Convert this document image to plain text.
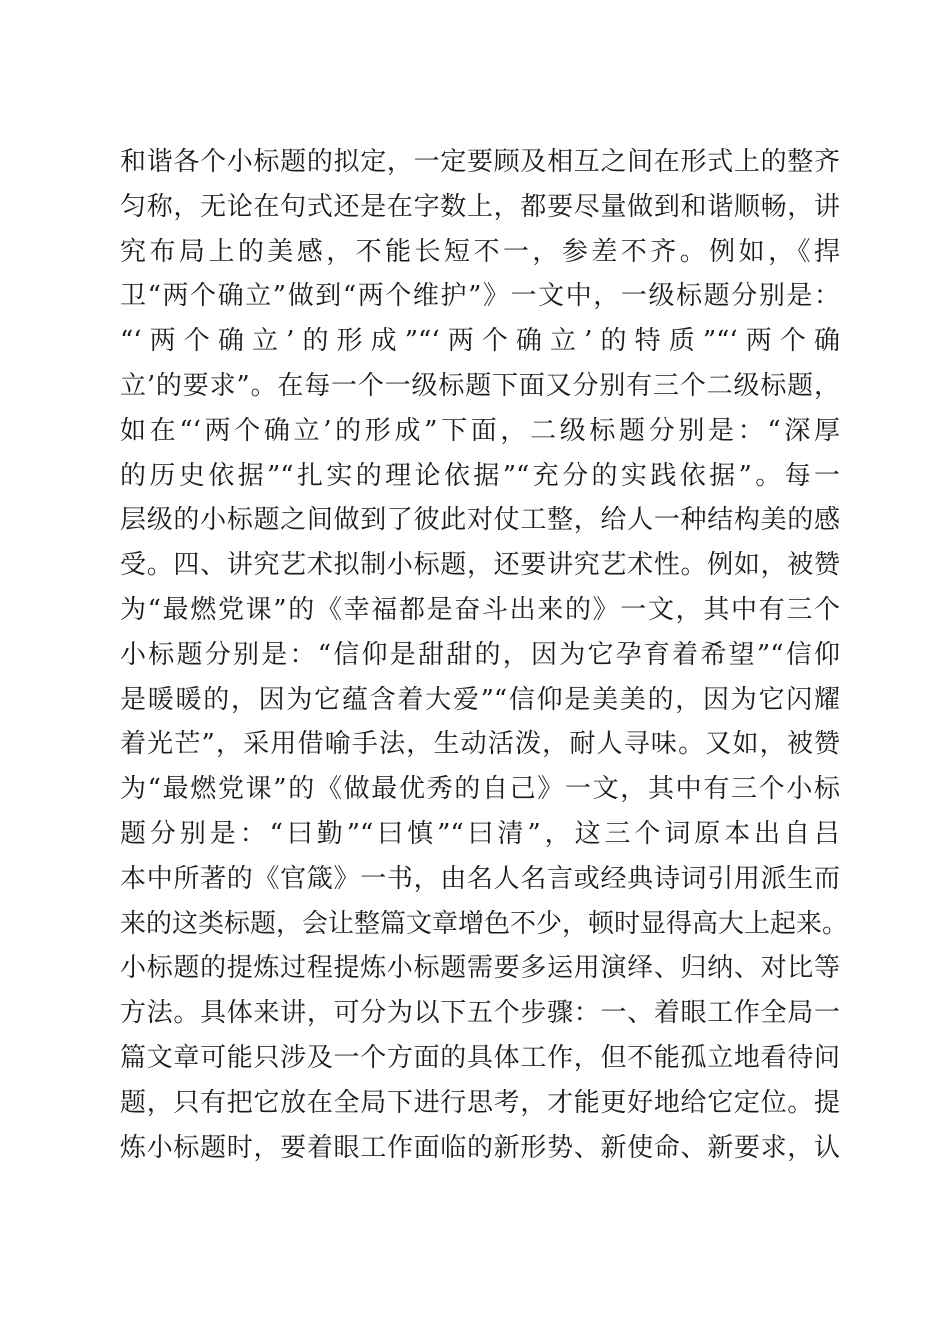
和谐各个小标题的拟定，一定要顾及相互之间在形式上的整齐
匀称，无论在句式还是在字数上，都要尽量做到和谐顺畅，讲
究布局上的美感，不能长短不一，参差不齐。例如，《捍
卫“两个确立”做到“两个维护”》一文中，一级标题分别是：
“‘两个确立’的形成”“‘两个确立’的特质”“‘两个确
立’的要求”。在每一个一级标题下面又分别有三个二级标题，
如在“‘两个确立’的形成”下面，二级标题分别是：“深厚
的历史依据”“扎实的理论依据”“充分的实践依据”。每一
层级的小标题之间做到了彼此对仗工整，给人一种结构美的感
受。四、讲究艺术拟制小标题，还要讲究艺术性。例如，被赞
为“最燃党课”的《幸福都是奋斗出来的》一文，其中有三个
小标题分别是：“信仰是甜甜的，因为它孕育着希望”“信仰
是暖暖的，因为它蕴含着大爱”“信仰是美美的，因为它闪耀
着光芒”，采用借喻手法，生动活泼，耐人寻味。又如，被赞
为“最燃党课”的《做最优秀的自己》一文，其中有三个小标
题分别是：“曰勤”“曰慎”“曰清”，这三个词原本出自吕
本中所著的《官箴》一书，由名人名言或经典诗词引用派生而
来的这类标题，会让整篇文章增色不少，顿时显得高大上起来。
小标题的提炼过程提炼小标题需要多运用演绎、归纳、对比等
方法。具体来讲，可分为以下五个步骤：一、着眼工作全局一
篇文章可能只涉及一个方面的具体工作，但不能孤立地看待问
题，只有把它放在全局下进行思考，才能更好地给它定位。提
炼小标题时，要着眼工作面临的新形势、新使命、新要求，认
